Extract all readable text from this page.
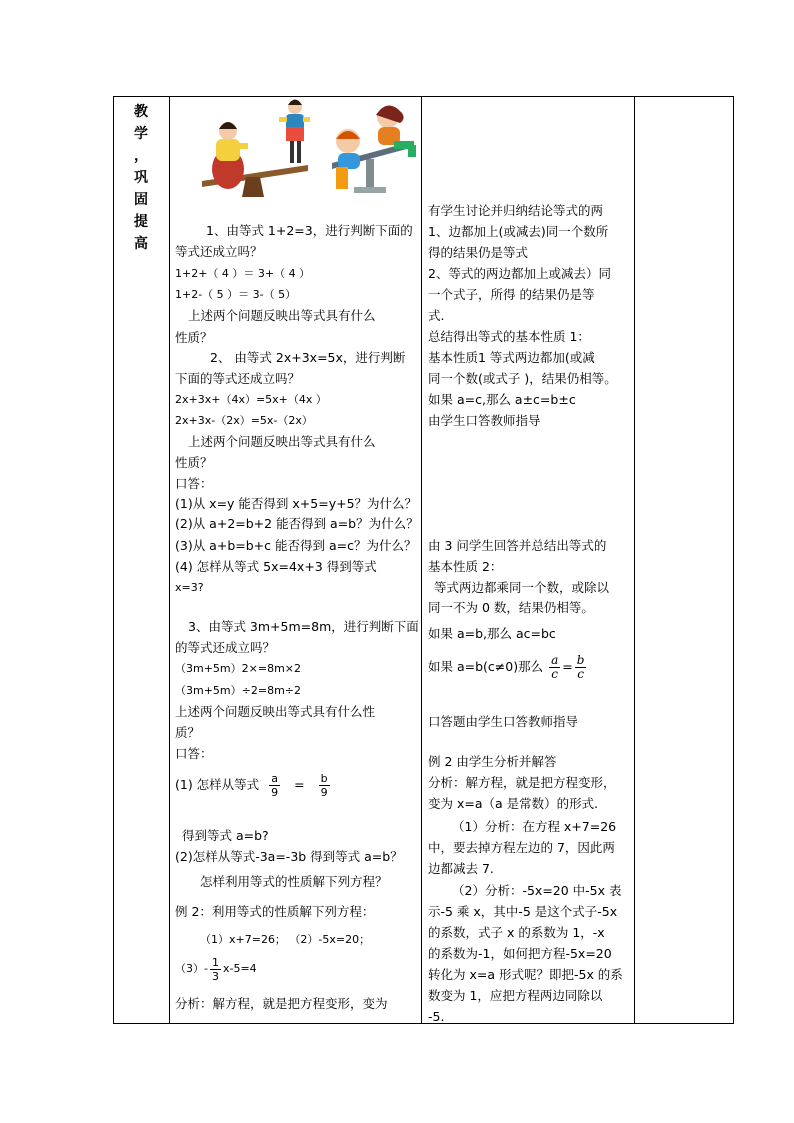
教
学
，
巩
固
提
高
1、由等式 1+2=3，进行判断下面的
等式还成立吗？
1+2+（ 4 ）＝ 3+（ 4 ）
1+2-（ 5 ）＝ 3-（ 5）
上述两个问题反映出等式具有什么
性质？
2、 由等式 2x+3x=5x，进行判断
下面的等式还成立吗？
2x+3x+（4x）=5x+（4x ）
2x+3x-（2x）=5x-（2x）
上述两个问题反映出等式具有什么
性质？
口答：
(1)从 x=y 能否得到 x+5=y+5？为什么？
(2)从 a+2=b+2 能否得到 a=b？为什么？
(3)从 a+b=b+c 能否得到 a=c？为什么？
(4) 怎样从等式 5x=4x+3 得到等式
x=3?
3、由等式 3m+5m=8m，进行判断下面
的等式还成立吗？
（3m+5m）2×=8m×2
（3m+5m）÷2=8m÷2
上述两个问题反映出等式具有什么性
质？
口答：
(1) 怎样从等式 $\frac{a}{9} = \frac{b}{9}$
得到等式 a=b?
(2)怎样从等式-3a=-3b 得到等式 a=b？
怎样利用等式的性质解下列方程？
例 2：利用等式的性质解下列方程：
（1）x+7=26； （2）-5x=20；
$(3)- \frac{1}{3} x-5=4$
分析：解方程，就是把方程变形，变为
有学生讨论并归纳结论等式的两
1、边都加上(或减去)同一个数所
得的结果仍是等式
2、等式的两边都加上或减去）同
一个式子，所得 的结果仍是等
式.
总结得出等式的基本性质 1：
基本性质1 等式两边都加(或减
同一个数(或式子 )，结果仍相等。
如果 a=c,那么 a±c=b±c
由学生口答教师指导
由 3 问学生回答并总结出等式的
基本性质 2：
等式两边都乘同一个数，或除以
同一不为 0 数，结果仍相等。
如果 a=b,那么 ac=bc
如果 a=b(c≠0)那么 $\frac{a}{c} = \frac{b}{c}$
口答题由学生口答教师指导
例 2 由学生分析并解答
分析：解方程，就是把方程变形，
变为 x=a（a 是常数）的形式.
（1）分析：在方程 x+7=26
中，要去掉方程左边的 7，因此两
边都减去 7.
（2）分析：-5x=20 中-5x 表
示-5 乘 x，其中-5 是这个式子-5x
的系数，式子 x 的系数为 1，-x
的系数为-1，如何把方程-5x=20
转化为 x=a 形式呢？即把-5x 的系
数变为 1，应把方程两边同除以
-5.
